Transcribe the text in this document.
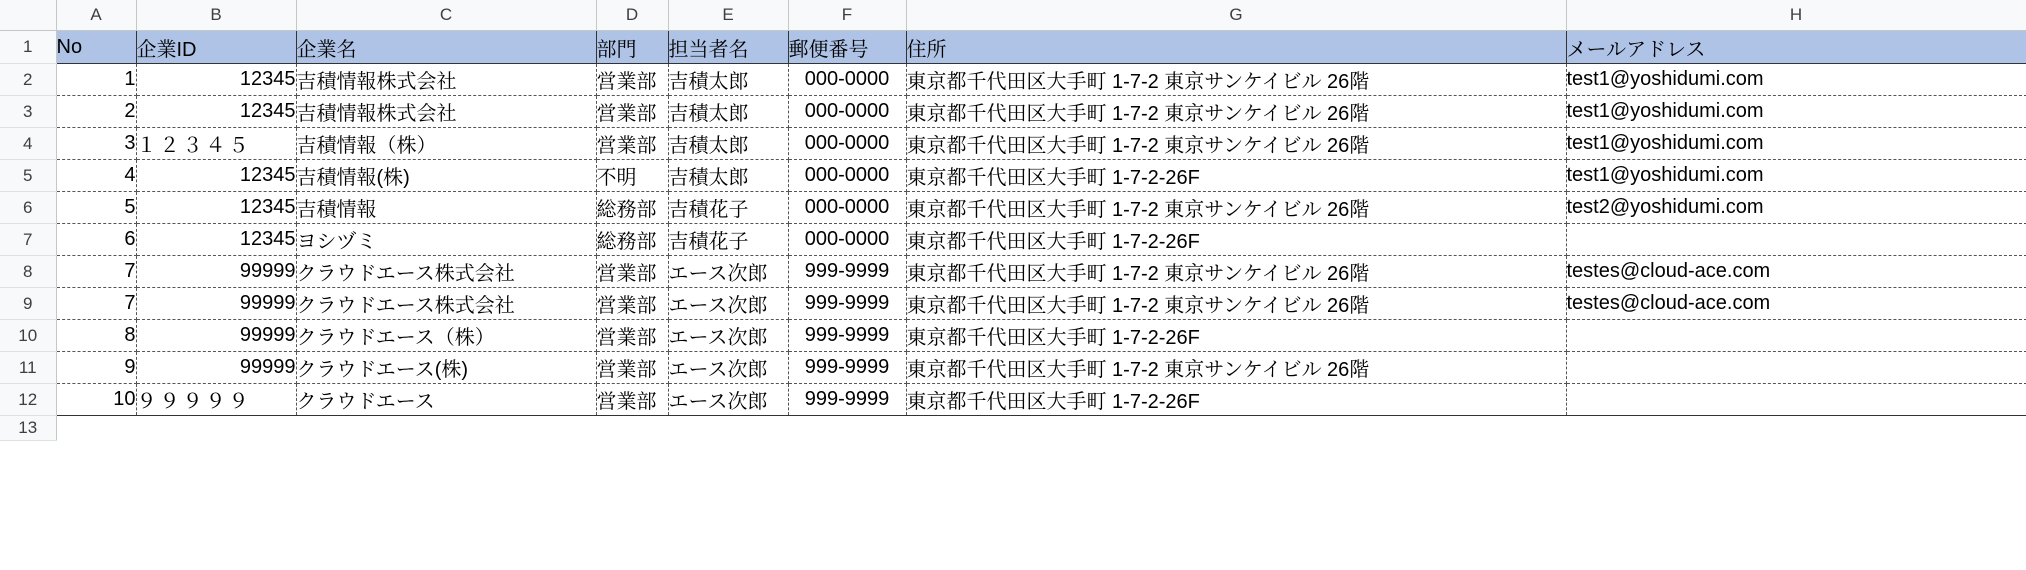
	A	B	C	D	E	F	G	H
1	No	企業ID	企業名	部門	担当者名	郵便番号	住所	メールアドレス
2	1	12345	吉積情報株式会社	営業部	吉積太郎	000-0000	東京都千代田区大手町 1-7-2 東京サンケイビル 26階	test1@yoshidumi.com
3	2	12345	吉積情報株式会社	営業部	吉積太郎	000-0000	東京都千代田区大手町 1-7-2 東京サンケイビル 26階	test1@yoshidumi.com
4	3	１２３４５	吉積情報（株）	営業部	吉積太郎	000-0000	東京都千代田区大手町 1-7-2 東京サンケイビル 26階	test1@yoshidumi.com
5	4	12345	吉積情報(株)	不明	吉積太郎	000-0000	東京都千代田区大手町 1-7-2-26F	test1@yoshidumi.com
6	5	12345	吉積情報	総務部	吉積花子	000-0000	東京都千代田区大手町 1-7-2 東京サンケイビル 26階	test2@yoshidumi.com
7	6	12345	ヨシヅミ	総務部	吉積花子	000-0000	東京都千代田区大手町 1-7-2-26F	
8	7	99999	クラウドエース株式会社	営業部	エース次郎	999-9999	東京都千代田区大手町 1-7-2 東京サンケイビル 26階	testes@cloud-ace.com
9	7	99999	クラウドエース株式会社	営業部	エース次郎	999-9999	東京都千代田区大手町 1-7-2 東京サンケイビル 26階	testes@cloud-ace.com
10	8	99999	クラウドエース（株）	営業部	エース次郎	999-9999	東京都千代田区大手町 1-7-2-26F	
11	9	99999	クラウドエース(株)	営業部	エース次郎	999-9999	東京都千代田区大手町 1-7-2 東京サンケイビル 26階	
12	10	９９９９９	クラウドエース	営業部	エース次郎	999-9999	東京都千代田区大手町 1-7-2-26F	
13								
